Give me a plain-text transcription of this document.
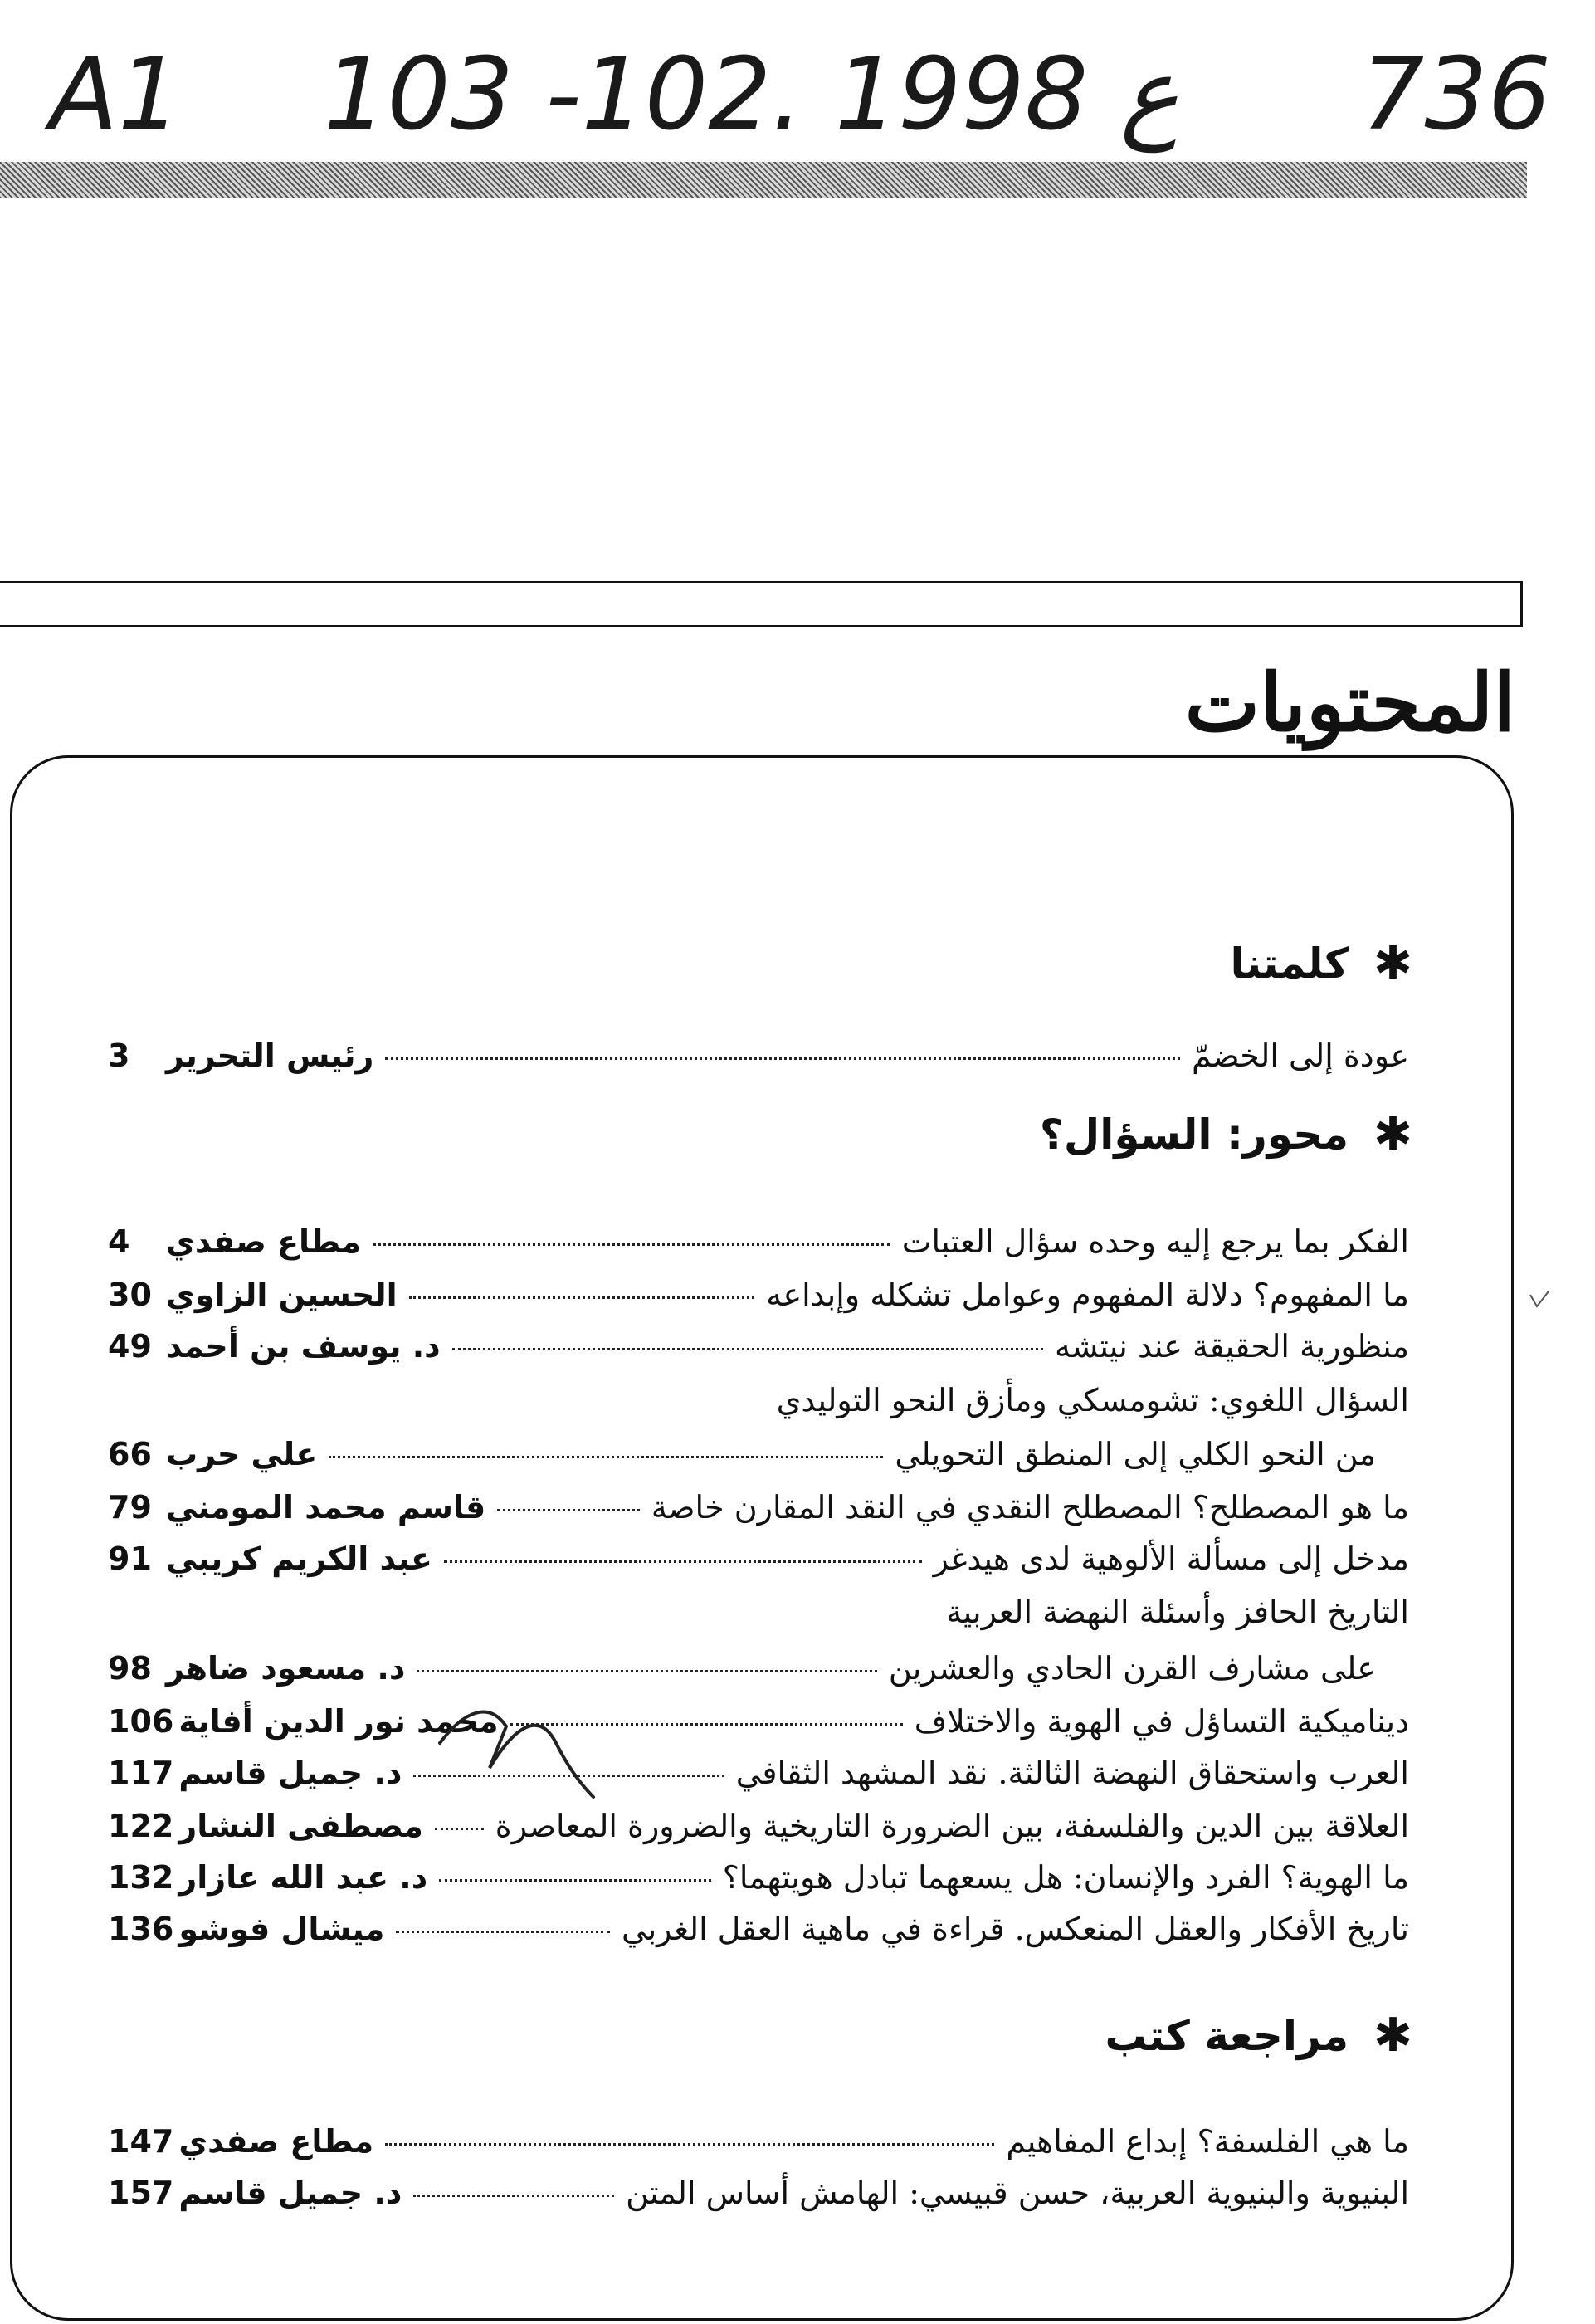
A1 103 -102. ع 1998 736
المحتويات
✱
كلمتنا
عودة إلى الخضمّ
رئيس التحرير
3
✱
محور: السؤال؟
الفكر بما يرجع إليه وحده سؤال العتبات
مطاع صفدي
4
ما المفهوم؟ دلالة المفهوم وعوامل تشكله وإبداعه
الحسين الزاوي
30
منظورية الحقيقة عند نيتشه
د. يوسف بن أحمد
49
السؤال اللغوي: تشومسكي ومأزق النحو التوليدي
من النحو الكلي إلى المنطق التحويلي
علي حرب
66
ما هو المصطلح؟ المصطلح النقدي في النقد المقارن خاصة
قاسم محمد المومني
79
مدخل إلى مسألة الألوهية لدى هيدغر
عبد الكريم كريبي
91
التاريخ الحافز وأسئلة النهضة العربية
على مشارف القرن الحادي والعشرين
د. مسعود ضاهر
98
ديناميكية التساؤل في الهوية والاختلاف
محمد نور الدين أفاية
106
العرب واستحقاق النهضة الثالثة. نقد المشهد الثقافي
د. جميل قاسم
117
العلاقة بين الدين والفلسفة، بين الضرورة التاريخية والضرورة المعاصرة
مصطفى النشار
122
ما الهوية؟ الفرد والإنسان: هل يسعهما تبادل هويتهما؟
د. عبد الله عازار
132
تاريخ الأفكار والعقل المنعكس. قراءة في ماهية العقل الغربي
ميشال فوشو
136
✱
مراجعة كتب
ما هي الفلسفة؟ إبداع المفاهيم
مطاع صفدي
147
البنيوية والبنيوية العربية، حسن قبيسي: الهامش أساس المتن
د. جميل قاسم
157
